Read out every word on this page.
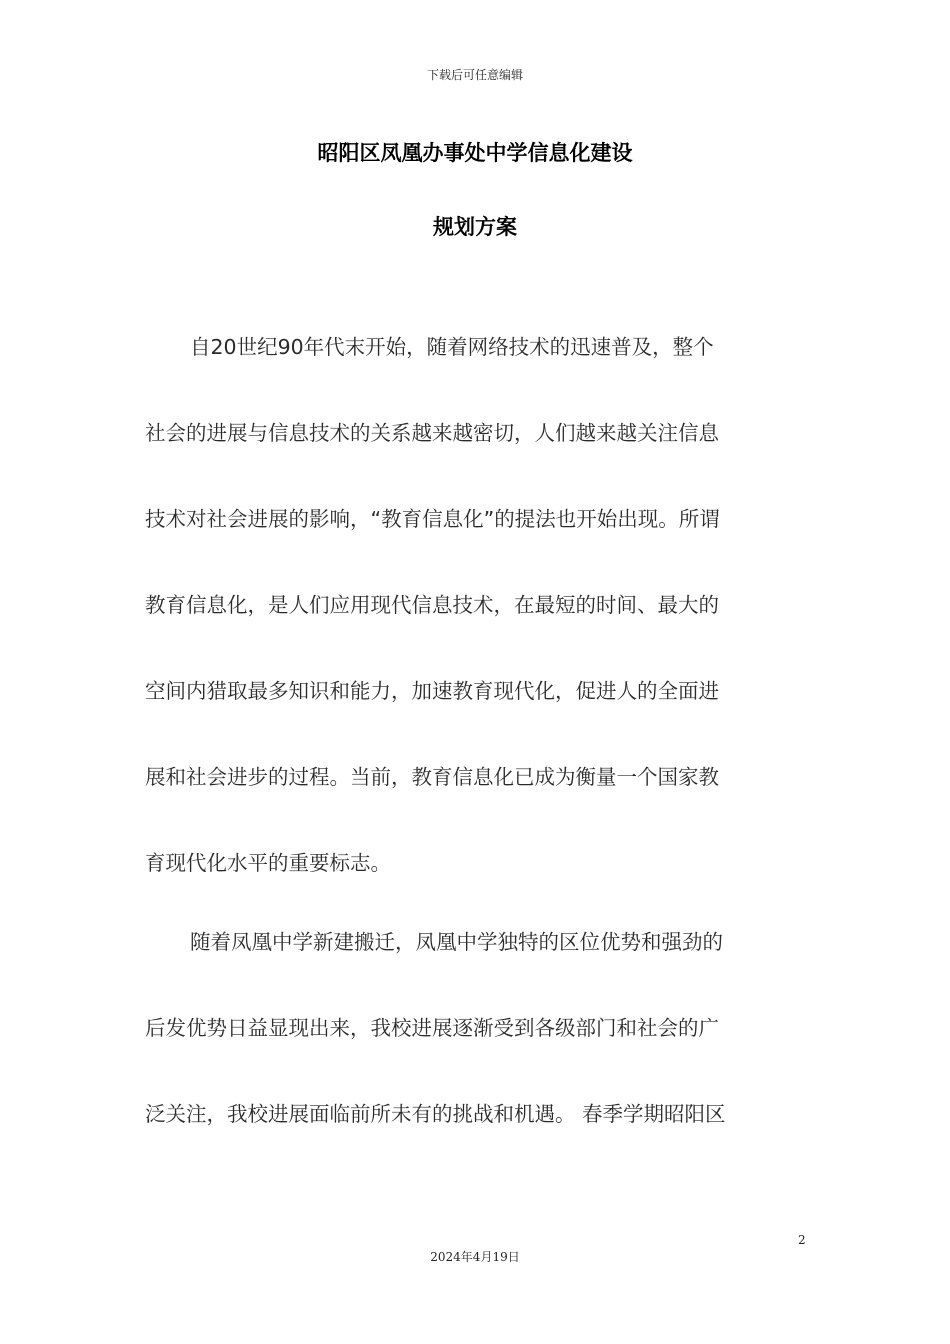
下载后可任意编辑
昭阳区凤凰办事处中学信息化建设
规划方案
自20世纪90年代末开始，随着网络技术的迅速普及，整个
社会的进展与信息技术的关系越来越密切，人们越来越关注信息
技术对社会进展的影响，“教育信息化”的提法也开始出现。所谓
教育信息化，是人们应用现代信息技术，在最短的时间、最大的
空间内猎取最多知识和能力，加速教育现代化，促进人的全面进
展和社会进步的过程。当前，教育信息化已成为衡量一个国家教
育现代化水平的重要标志。
随着凤凰中学新建搬迁，凤凰中学独特的区位优势和强劲的
后发优势日益显现出来，我校进展逐渐受到各级部门和社会的广
泛关注，我校进展面临前所未有的挑战和机遇。 春季学期昭阳区
2
2024年4月19日
